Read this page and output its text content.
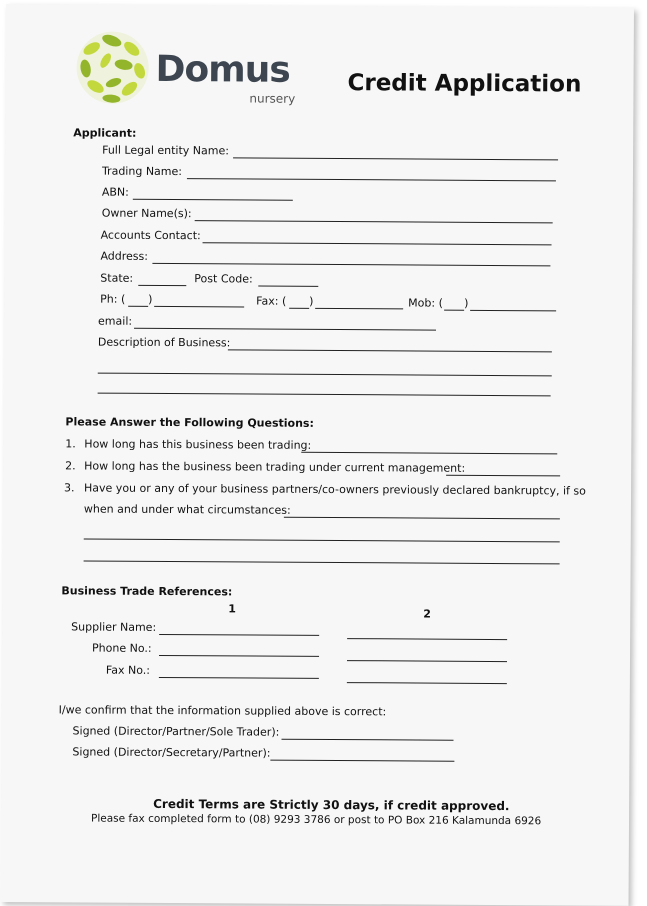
Domus
nursery
Credit Application
Applicant:
Full Legal entity Name:
Trading Name:
ABN:
Owner Name(s):
Accounts Contact:
Address:
State:	Post Code:
Ph: ( )	Fax: ( )	Mob: ( )
email:
Description of Business:
Please Answer the Following Questions:
1. How long has this business been trading:
2. How long has the business been trading under current management:
3. Have you or any of your business partners/co-owners previously declared bankruptcy, if so
when and under what circumstances:
Business Trade References:
1	2
Supplier Name:
Phone No.:
Fax No.:
I/we confirm that the information supplied above is correct:
Signed (Director/Partner/Sole Trader):
Signed (Director/Secretary/Partner):
Credit Terms are Strictly 30 days, if credit approved.
Please fax completed form to (08) 9293 3786 or post to PO Box 216 Kalamunda 6926
